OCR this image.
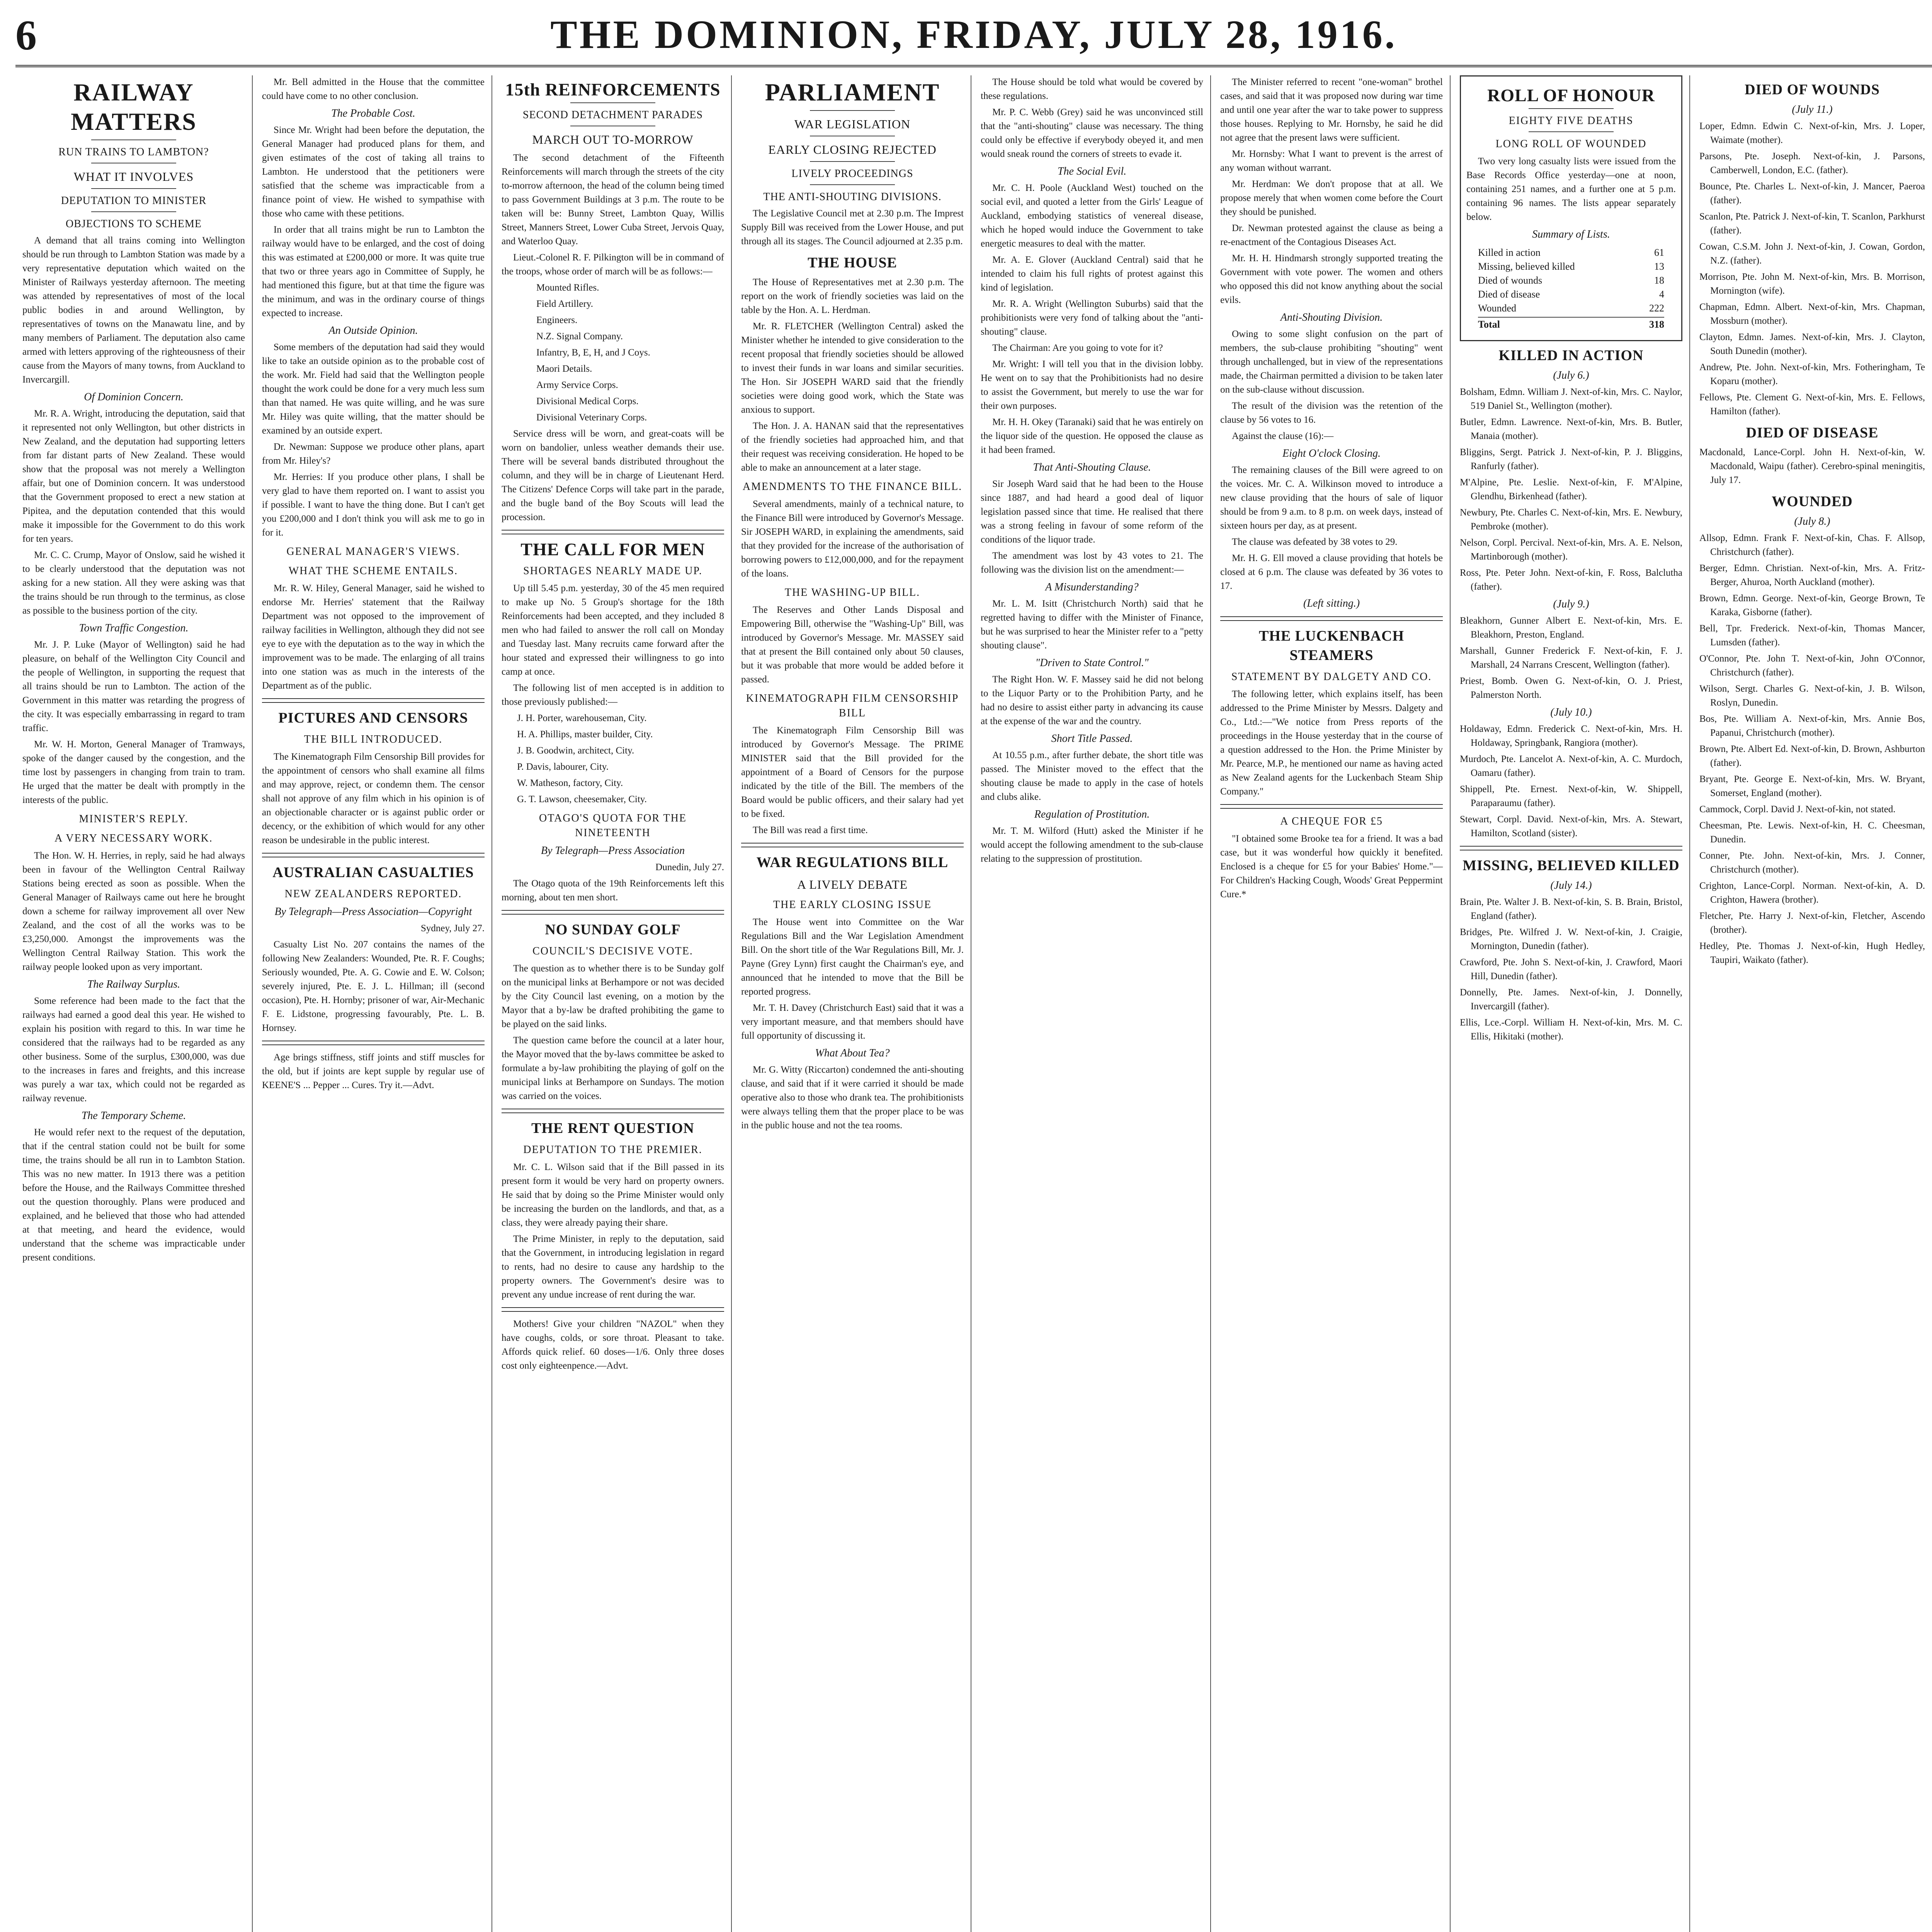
6	THE DOMINION, FRIDAY, JULY 28, 1916.
RAILWAY MATTERS
RUN TRAINS TO LAMBTON?
WHAT IT INVOLVES
DEPUTATION TO MINISTER
OBJECTIONS TO SCHEME

A demand that all trains coming into Wellington should be run through to Lambton Station was made by a very representative deputation which waited on the Minister of Railways yesterday afternoon. The meeting was attended by representatives of most of the local public bodies in and around Wellington, by representatives of towns on the Manawatu line, and by many members of Parliament. The deputation also came armed with letters approving of the righteousness of their cause from the Mayors of many towns, from Auckland to Invercargill.

Of Dominion Concern.

Mr. R. A. Wright, introducing the deputation, said that it represented not only Wellington, but other districts in New Zealand, and the deputation had supporting letters from far distant parts of New Zealand. These would show that the proposal was not merely a Wellington affair, but one of Dominion concern. It was understood that the Government proposed to erect a new station at Pipitea, and the deputation contended that this would make it impossible for the Government to do this work for ten years.

Mr. C. C. Crump, Mayor of Onslow, said he wished it to be clearly understood that the deputation was not asking for a new station. All they were asking was that the trains should be run through to the terminus, as close as possible to the business portion of the city.

Town Traffic Congestion.

Mr. J. P. Luke (Mayor of Wellington) said he had pleasure, on behalf of the Wellington City Council and the people of Wellington, in supporting the request that all trains should be run to Lambton. The action of the Government in this matter was retarding the progress of the city. It was especially embarrassing in regard to tram traffic.

Mr. W. H. Morton, General Manager of Tramways, spoke of the danger caused by the congestion, and the time lost by passengers in changing from train to tram. He urged that the matter be dealt with promptly in the interests of the public.

MINISTER'S REPLY.
A VERY NECESSARY WORK.

The Hon. W. H. Herries, in reply, said he had always been in favour of the Wellington Central Railway Stations being erected as soon as possible. When the General Manager of Railways came out here he brought down a scheme for railway improvement all over New Zealand, and the cost of all the works was to be £3,250,000. Amongst the improvements was the Wellington Central Railway Station. This work the railway people looked upon as very important.

The Railway Surplus.

Some reference had been made to the fact that the railways had earned a good deal this year. He wished to explain his position with regard to this. In war time he considered that the railways had to be regarded as any other business. Some of the surplus, £300,000, was due to the increases in fares and freights, and this increase was purely a war tax, which could not be regarded as railway revenue.

The Temporary Scheme.

He would refer next to the request of the deputation, that if the central station could not be built for some time, the trains should be all run in to Lambton Station. This was no new matter. In 1913 there was a petition before the House, and the Railways Committee threshed out the question thoroughly. Plans were produced and explained, and he believed that those who had attended at that meeting, and heard the evidence, would understand that the scheme was impracticable under present conditions.

Mr. Bell admitted in the House that the committee could have come to no other conclusion.

The Probable Cost.

Since Mr. Wright had been before the deputation, the General Manager had produced plans for them, and given estimates of the cost of taking all trains to Lambton. He understood that the petitioners were satisfied that the scheme was impracticable from a finance point of view. He wished to sympathise with those who came with these petitions.

In order that all trains might be run to Lambton the railway would have to be enlarged, and the cost of doing this was estimated at £200,000 or more. It was quite true that two or three years ago in Committee of Supply, he had mentioned this figure, but at that time the figure was the minimum, and was in the ordinary course of things expected to increase.

An Outside Opinion.

Some members of the deputation had said they would like to take an outside opinion as to the probable cost of the work. Mr. Field had said that the Wellington people thought the work could be done for a very much less sum than that named. He was quite willing, and he was sure Mr. Hiley was quite willing, that the matter should be examined by an outside expert.

Dr. Newman: Suppose we produce other plans, apart from Mr. Hiley's?

Mr. Herries: If you produce other plans, I shall be very glad to have them reported on. I want to assist you if possible. I want to have the thing done. But I can't get you £200,000 and I don't think you will ask me to go in for it.

GENERAL MANAGER'S VIEWS.
WHAT THE SCHEME ENTAILS.

Mr. R. W. Hiley, General Manager, said he wished to endorse Mr. Herries' statement that the Railway Department was not opposed to the improvement of railway facilities in Wellington, although they did not see eye to eye with the deputation as to the way in which the improvement was to be made. The enlarging of all trains into one station was as much in the interests of the Department as of the public.

PICTURES AND CENSORS
THE BILL INTRODUCED.

The Kinematograph Film Censorship Bill provides for the appointment of censors who shall examine all films and may approve, reject, or condemn them. The censor shall not approve of any film which in his opinion is of an objectionable character or is against public order or decency, or the exhibition of which would for any other reason be undesirable in the public interest.

AUSTRALIAN CASUALTIES
NEW ZEALANDERS REPORTED.
By Telegraph—Press Association—Copyright

Sydney, July 27.

Casualty List No. 207 contains the names of the following New Zealanders: Wounded, Pte. R. F. Coughs; Seriously wounded, Pte. A. G. Cowie and E. W. Colson; severely injured, Pte. E. J. L. Hillman; ill (second occasion), Pte. H. Hornby; prisoner of war, Air-Mechanic F. E. Lidstone, progressing favourably, Pte. L. B. Hornsey.

Age brings stiffness, stiff joints and stiff muscles for the old, but if joints are kept supple by regular use of KEENE'S ... Pepper ... Cures. Try it.—Advt.

15th REINFORCEMENTS
SECOND DETACHMENT PARADES
MARCH OUT TO-MORROW

The second detachment of the Fifteenth Reinforcements will march through the streets of the city to-morrow afternoon, the head of the column being timed to pass Government Buildings at 3 p.m. The route to be taken will be: Bunny Street, Lambton Quay, Willis Street, Manners Street, Lower Cuba Street, Jervois Quay, and Waterloo Quay.

Lieut.-Colonel R. F. Pilkington will be in command of the troops, whose order of march will be as follows:—

Mounted Rifles.

Field Artillery.

Engineers.

N.Z. Signal Company.

Infantry, B, E, H, and J Coys.

Maori Details.

Army Service Corps.

Divisional Medical Corps.

Divisional Veterinary Corps.

Service dress will be worn, and great-coats will be worn on bandolier, unless weather demands their use. There will be several bands distributed throughout the column, and they will be in charge of Lieutenant Herd. The Citizens' Defence Corps will take part in the parade, and the bugle band of the Boy Scouts will lead the procession.

THE CALL FOR MEN
SHORTAGES NEARLY MADE UP.

Up till 5.45 p.m. yesterday, 30 of the 45 men required to make up No. 5 Group's shortage for the 18th Reinforcements had been accepted, and they included 8 men who had failed to answer the roll call on Monday and Tuesday last. Many recruits came forward after the hour stated and expressed their willingness to go into camp at once.

The following list of men accepted is in addition to those previously published:—

J. H. Porter, warehouseman, City.

H. A. Phillips, master builder, City.

J. B. Goodwin, architect, City.

P. Davis, labourer, City.

W. Matheson, factory, City.

G. T. Lawson, cheesemaker, City.

OTAGO'S QUOTA FOR THE NINETEENTH
By Telegraph—Press Association

Dunedin, July 27.

The Otago quota of the 19th Reinforcements left this morning, about ten men short.

NO SUNDAY GOLF
COUNCIL'S DECISIVE VOTE.

The question as to whether there is to be Sunday golf on the municipal links at Berhampore or not was decided by the City Council last evening, on a motion by the Mayor that a by-law be drafted prohibiting the game to be played on the said links.

The question came before the council at a later hour, the Mayor moved that the by-laws committee be asked to formulate a by-law prohibiting the playing of golf on the municipal links at Berhampore on Sundays. The motion was carried on the voices.

THE RENT QUESTION
DEPUTATION TO THE PREMIER.

Mr. C. L. Wilson said that if the Bill passed in its present form it would be very hard on property owners. He said that by doing so the Prime Minister would only be increasing the burden on the landlords, and that, as a class, they were already paying their share.

The Prime Minister, in reply to the deputation, said that the Government, in introducing legislation in regard to rents, had no desire to cause any hardship to the property owners. The Government's desire was to prevent any undue increase of rent during the war.

Mothers! Give your children "NAZOL" when they have coughs, colds, or sore throat. Pleasant to take. Affords quick relief. 60 doses—1/6. Only three doses cost only eighteenpence.—Advt.

PARLIAMENT
WAR LEGISLATION
EARLY CLOSING REJECTED
LIVELY PROCEEDINGS
THE ANTI-SHOUTING DIVISIONS.

The Legislative Council met at 2.30 p.m. The Imprest Supply Bill was received from the Lower House, and put through all its stages. The Council adjourned at 2.35 p.m.

THE HOUSE

The House of Representatives met at 2.30 p.m. The report on the work of friendly societies was laid on the table by the Hon. A. L. Herdman.

Mr. R. FLETCHER (Wellington Central) asked the Minister whether he intended to give consideration to the recent proposal that friendly societies should be allowed to invest their funds in war loans and similar securities. The Hon. Sir JOSEPH WARD said that the friendly societies were doing good work, which the State was anxious to support.

The Hon. J. A. HANAN said that the representatives of the friendly societies had approached him, and that their request was receiving consideration. He hoped to be able to make an announcement at a later stage.

AMENDMENTS TO THE FINANCE BILL.

Several amendments, mainly of a technical nature, to the Finance Bill were introduced by Governor's Message. Sir JOSEPH WARD, in explaining the amendments, said that they provided for the increase of the authorisation of borrowing powers to £12,000,000, and for the repayment of the loans.

THE WASHING-UP BILL.

The Reserves and Other Lands Disposal and Empowering Bill, otherwise the "Washing-Up" Bill, was introduced by Governor's Message. Mr. MASSEY said that at present the Bill contained only about 50 clauses, but it was probable that more would be added before it passed.

KINEMATOGRAPH FILM CENSORSHIP BILL

The Kinematograph Film Censorship Bill was introduced by Governor's Message. The PRIME MINISTER said that the Bill provided for the appointment of a Board of Censors for the purpose indicated by the title of the Bill. The members of the Board would be public officers, and their salary had yet to be fixed.

The Bill was read a first time.

WAR REGULATIONS BILL
A LIVELY DEBATE
THE EARLY CLOSING ISSUE

The House went into Committee on the War Regulations Bill and the War Legislation Amendment Bill. On the short title of the War Regulations Bill, Mr. J. Payne (Grey Lynn) first caught the Chairman's eye, and announced that he intended to move that the Bill be reported progress.

Mr. T. H. Davey (Christchurch East) said that it was a very important measure, and that members should have full opportunity of discussing it.

What About Tea?

Mr. G. Witty (Riccarton) condemned the anti-shouting clause, and said that if it were carried it should be made operative also to those who drank tea. The prohibitionists were always telling them that the proper place to be was in the public house and not the tea rooms.

The House should be told what would be covered by these regulations.

Mr. P. C. Webb (Grey) said he was unconvinced still that the "anti-shouting" clause was necessary. The thing could only be effective if everybody obeyed it, and men would sneak round the corners of streets to evade it.

The Social Evil.

Mr. C. H. Poole (Auckland West) touched on the social evil, and quoted a letter from the Girls' League of Auckland, embodying statistics of venereal disease, which he hoped would induce the Government to take energetic measures to deal with the matter.

Mr. A. E. Glover (Auckland Central) said that he intended to claim his full rights of protest against this kind of legislation.

Mr. R. A. Wright (Wellington Suburbs) said that the prohibitionists were very fond of talking about the "anti-shouting" clause.

The Chairman: Are you going to vote for it?

Mr. Wright: I will tell you that in the division lobby. He went on to say that the Prohibitionists had no desire to assist the Government, but merely to use the war for their own purposes.

Mr. H. H. Okey (Taranaki) said that he was entirely on the liquor side of the question. He opposed the clause as it had been framed.

That Anti-Shouting Clause.

Sir Joseph Ward said that he had been to the House since 1887, and had heard a good deal of liquor legislation passed since that time. He realised that there was a strong feeling in favour of some reform of the conditions of the liquor trade.

The amendment was lost by 43 votes to 21. The following was the division list on the amendment:—

A Misunderstanding?

Mr. L. M. Isitt (Christchurch North) said that he regretted having to differ with the Minister of Finance, but he was surprised to hear the Minister refer to a "petty shouting clause".

"Driven to State Control."

The Right Hon. W. F. Massey said he did not belong to the Liquor Party or to the Prohibition Party, and he had no desire to assist either party in advancing its cause at the expense of the war and the country.

Short Title Passed.

At 10.55 p.m., after further debate, the short title was passed. The Minister moved to the effect that the shouting clause be made to apply in the case of hotels and clubs alike.

Regulation of Prostitution.

Mr. T. M. Wilford (Hutt) asked the Minister if he would accept the following amendment to the sub-clause relating to the suppression of prostitution.

The Minister referred to recent "one-woman" brothel cases, and said that it was proposed now during war time and until one year after the war to take power to suppress those houses. Replying to Mr. Hornsby, he said he did not agree that the present laws were sufficient.

Mr. Hornsby: What I want to prevent is the arrest of any woman without warrant.

Mr. Herdman: We don't propose that at all. We propose merely that when women come before the Court they should be punished.

Dr. Newman protested against the clause as being a re-enactment of the Contagious Diseases Act.

Mr. H. H. Hindmarsh strongly supported treating the Government with vote power. The women and others who opposed this did not know anything about the social evils.

Anti-Shouting Division.

Owing to some slight confusion on the part of members, the sub-clause prohibiting "shouting" went through unchallenged, but in view of the representations made, the Chairman permitted a division to be taken later on the sub-clause without discussion.

The result of the division was the retention of the clause by 56 votes to 16.

Against the clause (16):—

Eight O'clock Closing.

The remaining clauses of the Bill were agreed to on the voices. Mr. C. A. Wilkinson moved to introduce a new clause providing that the hours of sale of liquor should be from 9 a.m. to 8 p.m. on week days, instead of sixteen hours per day, as at present.

The clause was defeated by 38 votes to 29.

Mr. H. G. Ell moved a clause providing that hotels be closed at 6 p.m. The clause was defeated by 36 votes to 17.

(Left sitting.)
THE LUCKENBACH STEAMERS
STATEMENT BY DALGETY AND CO.

The following letter, which explains itself, has been addressed to the Prime Minister by Messrs. Dalgety and Co., Ltd.:—"We notice from Press reports of the proceedings in the House yesterday that in the course of a question addressed to the Hon. the Prime Minister by Mr. Pearce, M.P., he mentioned our name as having acted as New Zealand agents for the Luckenbach Steam Ship Company."

A CHEQUE FOR £5

"I obtained some Brooke tea for a friend. It was a bad case, but it was wonderful how quickly it benefited. Enclosed is a cheque for £5 for your Babies' Home."—For Children's Hacking Cough, Woods' Great Peppermint Cure.*

ROLL OF HONOUR
EIGHTY FIVE DEATHS
LONG ROLL OF WOUNDED

Two very long casualty lists were issued from the Base Records Office yesterday—one at noon, containing 251 names, and a further one at 5 p.m. containing 96 names. The lists appear separately below.

Summary of Lists.
Killed in action	61
Missing, believed killed	13
Died of wounds	18
Died of disease	4
Wounded	222
Total	318
KILLED IN ACTION
(July 6.)

Bolsham, Edmn. William J. Next-of-kin, Mrs. C. Naylor, 519 Daniel St., Wellington (mother).

Butler, Edmn. Lawrence. Next-of-kin, Mrs. B. Butler, Manaia (mother).

Bliggins, Sergt. Patrick J. Next-of-kin, P. J. Bliggins, Ranfurly (father).

M'Alpine, Pte. Leslie. Next-of-kin, F. M'Alpine, Glendhu, Birkenhead (father).

Newbury, Pte. Charles C. Next-of-kin, Mrs. E. Newbury, Pembroke (mother).

Nelson, Corpl. Percival. Next-of-kin, Mrs. A. E. Nelson, Martinborough (mother).

Ross, Pte. Peter John. Next-of-kin, F. Ross, Balclutha (father).

(July 9.)

Bleakhorn, Gunner Albert E. Next-of-kin, Mrs. E. Bleakhorn, Preston, England.

Marshall, Gunner Frederick F. Next-of-kin, F. J. Marshall, 24 Narrans Crescent, Wellington (father).

Priest, Bomb. Owen G. Next-of-kin, O. J. Priest, Palmerston North.

(July 10.)

Holdaway, Edmn. Frederick C. Next-of-kin, Mrs. H. Holdaway, Springbank, Rangiora (mother).

Murdoch, Pte. Lancelot A. Next-of-kin, A. C. Murdoch, Oamaru (father).

Shippell, Pte. Ernest. Next-of-kin, W. Shippell, Paraparaumu (father).

Stewart, Corpl. David. Next-of-kin, Mrs. A. Stewart, Hamilton, Scotland (sister).

MISSING, BELIEVED KILLED
(July 14.)

Brain, Pte. Walter J. B. Next-of-kin, S. B. Brain, Bristol, England (father).

Bridges, Pte. Wilfred J. W. Next-of-kin, J. Craigie, Mornington, Dunedin (father).

Crawford, Pte. John S. Next-of-kin, J. Crawford, Maori Hill, Dunedin (father).

Donnelly, Pte. James. Next-of-kin, J. Donnelly, Invercargill (father).

Ellis, Lce.-Corpl. William H. Next-of-kin, Mrs. M. C. Ellis, Hikitaki (mother).

DIED OF WOUNDS
(July 11.)

Loper, Edmn. Edwin C. Next-of-kin, Mrs. J. Loper, Waimate (mother).

Parsons, Pte. Joseph. Next-of-kin, J. Parsons, Camberwell, London, E.C. (father).

Bounce, Pte. Charles L. Next-of-kin, J. Mancer, Paeroa (father).

Scanlon, Pte. Patrick J. Next-of-kin, T. Scanlon, Parkhurst (father).

Cowan, C.S.M. John J. Next-of-kin, J. Cowan, Gordon, N.Z. (father).

Morrison, Pte. John M. Next-of-kin, Mrs. B. Morrison, Mornington (wife).

Chapman, Edmn. Albert. Next-of-kin, Mrs. Chapman, Mossburn (mother).

Clayton, Edmn. James. Next-of-kin, Mrs. J. Clayton, South Dunedin (mother).

Andrew, Pte. John. Next-of-kin, Mrs. Fotheringham, Te Koparu (mother).

Fellows, Pte. Clement G. Next-of-kin, Mrs. E. Fellows, Hamilton (father).

DIED OF DISEASE

Macdonald, Lance-Corpl. John H. Next-of-kin, W. Macdonald, Waipu (father). Cerebro-spinal meningitis, July 17.

WOUNDED
(July 8.)

Allsop, Edmn. Frank F. Next-of-kin, Chas. F. Allsop, Christchurch (father).

Berger, Edmn. Christian. Next-of-kin, Mrs. A. Fritz-Berger, Ahuroa, North Auckland (mother).

Brown, Edmn. George. Next-of-kin, George Brown, Te Karaka, Gisborne (father).

Bell, Tpr. Frederick. Next-of-kin, Thomas Mancer, Lumsden (father).

O'Connor, Pte. John T. Next-of-kin, John O'Connor, Christchurch (father).

Wilson, Sergt. Charles G. Next-of-kin, J. B. Wilson, Roslyn, Dunedin.

Bos, Pte. William A. Next-of-kin, Mrs. Annie Bos, Papanui, Christchurch (mother).

Brown, Pte. Albert Ed. Next-of-kin, D. Brown, Ashburton (father).

Bryant, Pte. George E. Next-of-kin, Mrs. W. Bryant, Somerset, England (mother).

Cammock, Corpl. David J. Next-of-kin, not stated.

Cheesman, Pte. Lewis. Next-of-kin, H. C. Cheesman, Dunedin.

Conner, Pte. John. Next-of-kin, Mrs. J. Conner, Christchurch (mother).

Crighton, Lance-Corpl. Norman. Next-of-kin, A. D. Crighton, Hawera (brother).

Fletcher, Pte. Harry J. Next-of-kin, Fletcher, Ascendo (brother).

Hedley, Pte. Thomas J. Next-of-kin, Hugh Hedley, Taupiri, Waikato (father).
